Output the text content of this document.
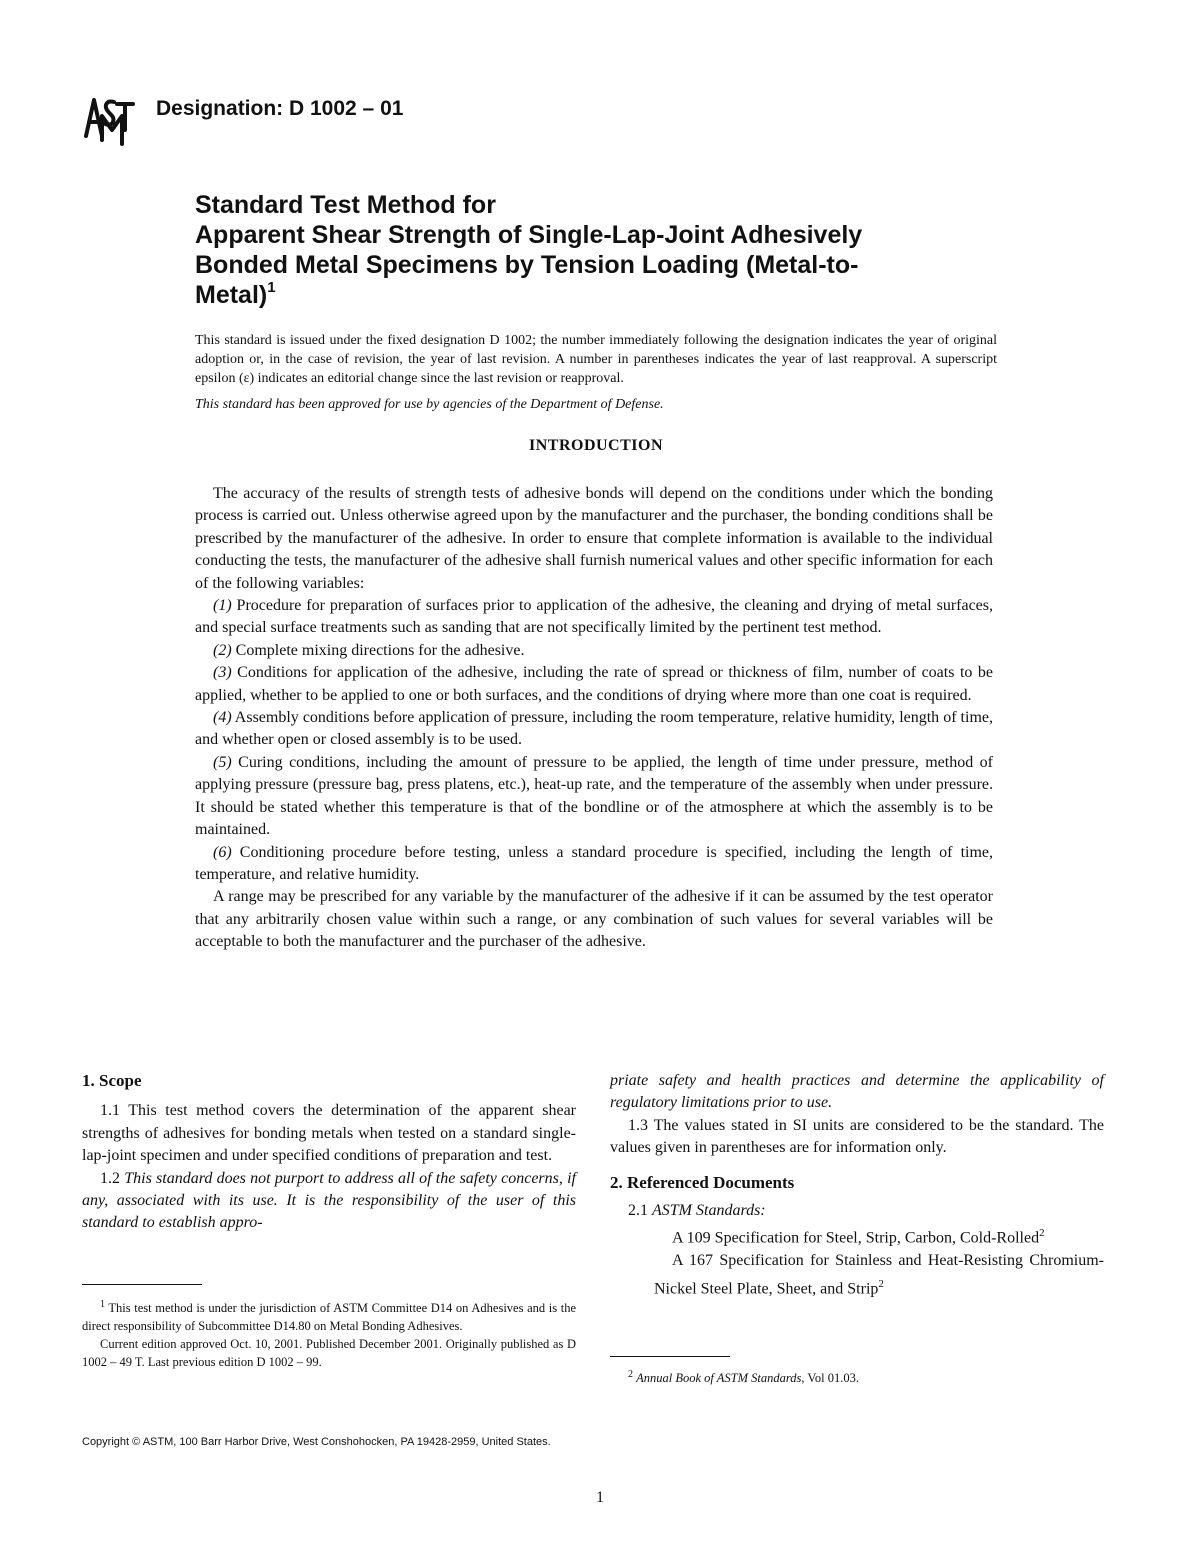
Designation: D 1002 – 01
Standard Test Method for
Apparent Shear Strength of Single-Lap-Joint Adhesively
Bonded Metal Specimens by Tension Loading (Metal-to-
Metal)$^1$
This standard is issued under the fixed designation D 1002; the number immediately following the designation indicates the year of original adoption or, in the case of revision, the year of last revision. A number in parentheses indicates the year of last reapproval. A superscript epsilon (ε) indicates an editorial change since the last revision or reapproval.
This standard has been approved for use by agencies of the Department of Defense.
INTRODUCTION

The accuracy of the results of strength tests of adhesive bonds will depend on the conditions under which the bonding process is carried out. Unless otherwise agreed upon by the manufacturer and the purchaser, the bonding conditions shall be prescribed by the manufacturer of the adhesive. In order to ensure that complete information is available to the individual conducting the tests, the manufacturer of the adhesive shall furnish numerical values and other specific information for each of the following variables:

(1) Procedure for preparation of surfaces prior to application of the adhesive, the cleaning and drying of metal surfaces, and special surface treatments such as sanding that are not specifically limited by the pertinent test method.

(2) Complete mixing directions for the adhesive.

(3) Conditions for application of the adhesive, including the rate of spread or thickness of film, number of coats to be applied, whether to be applied to one or both surfaces, and the conditions of drying where more than one coat is required.

(4) Assembly conditions before application of pressure, including the room temperature, relative humidity, length of time, and whether open or closed assembly is to be used.

(5) Curing conditions, including the amount of pressure to be applied, the length of time under pressure, method of applying pressure (pressure bag, press platens, etc.), heat-up rate, and the temperature of the assembly when under pressure. It should be stated whether this temperature is that of the bondline or of the atmosphere at which the assembly is to be maintained.

(6) Conditioning procedure before testing, unless a standard procedure is specified, including the length of time, temperature, and relative humidity.

A range may be prescribed for any variable by the manufacturer of the adhesive if it can be assumed by the test operator that any arbitrarily chosen value within such a range, or any combination of such values for several variables will be acceptable to both the manufacturer and the purchaser of the adhesive.

1. Scope

1.1 This test method covers the determination of the apparent shear strengths of adhesives for bonding metals when tested on a standard single-lap-joint specimen and under specified conditions of preparation and test.

1.2 This standard does not purport to address all of the safety concerns, if any, associated with its use. It is the responsibility of the user of this standard to establish appro-

$^1$ This test method is under the jurisdiction of ASTM Committee D14 on Adhesives and is the direct responsibility of Subcommittee D14.80 on Metal Bonding Adhesives.

Current edition approved Oct. 10, 2001. Published December 2001. Originally published as D 1002 – 49 T. Last previous edition D 1002 – 99.

priate safety and health practices and determine the applicability of regulatory limitations prior to use.

1.3 The values stated in SI units are considered to be the standard. The values given in parentheses are for information only.

2. Referenced Documents

2.1 ASTM Standards:

A 109 Specification for Steel, Strip, Carbon, Cold-Rolled$^2$

A 167 Specification for Stainless and Heat-Resisting Chromium-Nickel Steel Plate, Sheet, and Strip$^2$

$^2$ Annual Book of ASTM Standards, Vol 01.03.

Copyright © ASTM, 100 Barr Harbor Drive, West Conshohocken, PA 19428-2959, United States.
1
